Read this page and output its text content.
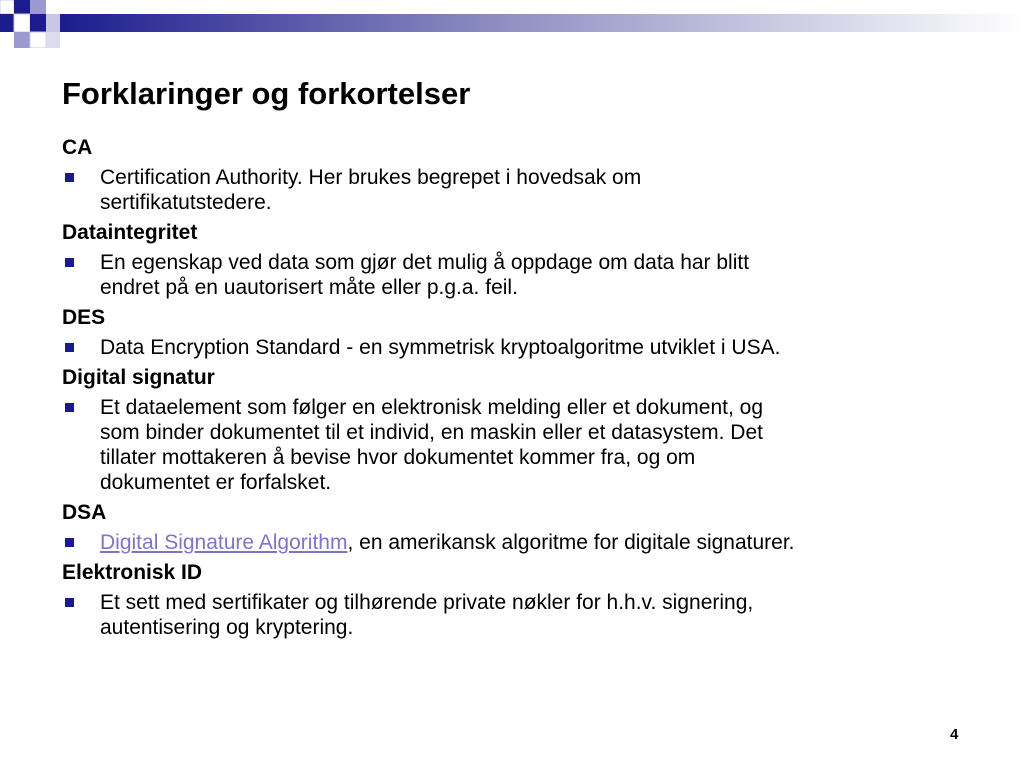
Forklaringer og forkortelser
CA
Certification Authority. Her brukes begrepet i hovedsak om
sertifikatutstedere.
Dataintegritet
En egenskap ved data som gjør det mulig å oppdage om data har blitt
endret på en uautorisert måte eller p.g.a. feil.
DES
Data Encryption Standard - en symmetrisk kryptoalgoritme utviklet i USA.
Digital signatur
Et dataelement som følger en elektronisk melding eller et dokument, og
som binder dokumentet til et individ, en maskin eller et datasystem. Det
tillater mottakeren å bevise hvor dokumentet kommer fra, og om
dokumentet er forfalsket.
DSA
Digital Signature Algorithm, en amerikansk algoritme for digitale signaturer.
Elektronisk ID
Et sett med sertifikater og tilhørende private nøkler for h.h.v. signering,
autentisering og kryptering.
4
